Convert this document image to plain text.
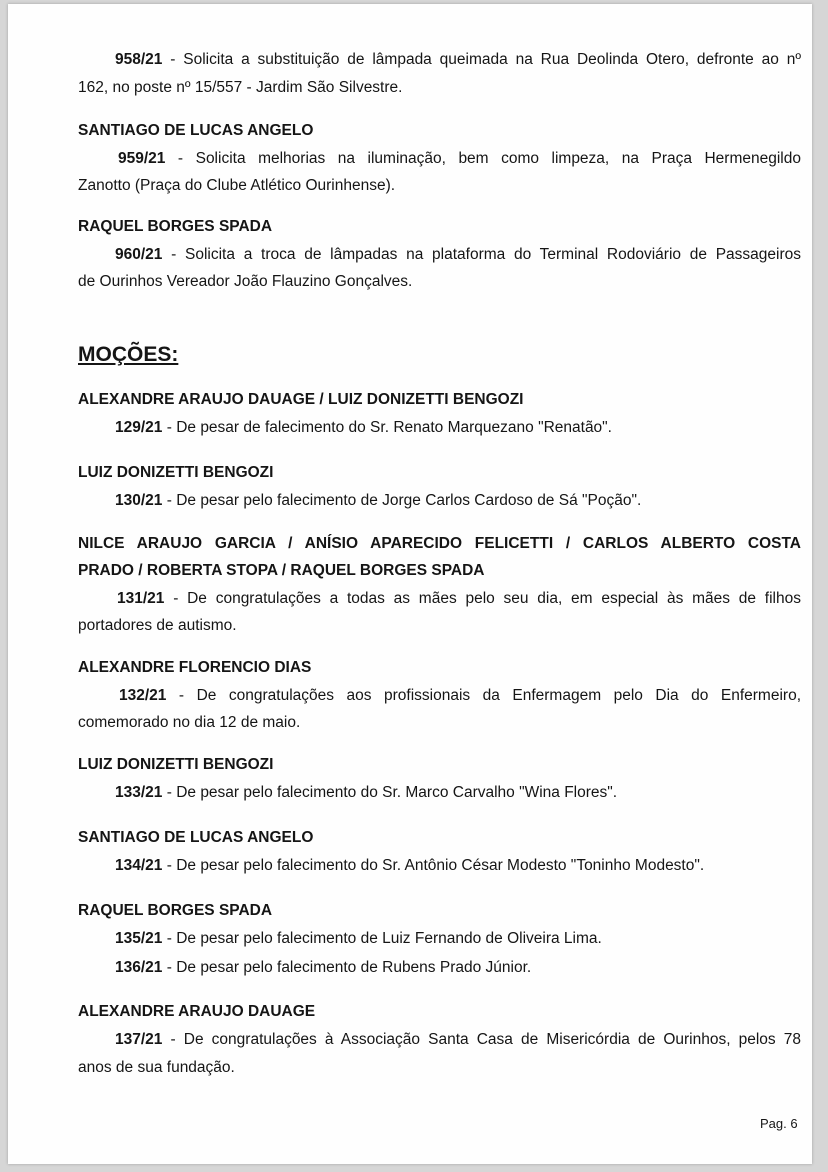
958/21 - Solicita a substituição de lâmpada queimada na Rua Deolinda Otero, defronte ao nº
162, no poste nº 15/557 - Jardim São Silvestre.
SANTIAGO DE LUCAS ANGELO
959/21 - Solicita melhorias na iluminação, bem como limpeza, na Praça Hermenegildo
Zanotto (Praça do Clube Atlético Ourinhense).
RAQUEL BORGES SPADA
960/21 - Solicita a troca de lâmpadas na plataforma do Terminal Rodoviário de Passageiros
de Ourinhos Vereador João Flauzino Gonçalves.
MOÇÕES:
ALEXANDRE ARAUJO DAUAGE / LUIZ DONIZETTI BENGOZI
129/21 - De pesar de falecimento do Sr. Renato Marquezano "Renatão".
LUIZ DONIZETTI BENGOZI
130/21 - De pesar pelo falecimento de Jorge Carlos Cardoso de Sá "Poção".
NILCE ARAUJO GARCIA / ANÍSIO APARECIDO FELICETTI / CARLOS ALBERTO COSTA
PRADO / ROBERTA STOPA / RAQUEL BORGES SPADA
131/21 - De congratulações a todas as mães pelo seu dia, em especial às mães de filhos
portadores de autismo.
ALEXANDRE FLORENCIO DIAS
132/21 - De congratulações aos profissionais da Enfermagem pelo Dia do Enfermeiro,
comemorado no dia 12 de maio.
LUIZ DONIZETTI BENGOZI
133/21 - De pesar pelo falecimento do Sr. Marco Carvalho "Wina Flores".
SANTIAGO DE LUCAS ANGELO
134/21 - De pesar pelo falecimento do Sr. Antônio César Modesto "Toninho Modesto".
RAQUEL BORGES SPADA
135/21 - De pesar pelo falecimento de Luiz Fernando de Oliveira Lima.
136/21 - De pesar pelo falecimento de Rubens Prado Júnior.
ALEXANDRE ARAUJO DAUAGE
137/21 - De congratulações à Associação Santa Casa de Misericórdia de Ourinhos, pelos 78
anos de sua fundação.
Pag. 6
